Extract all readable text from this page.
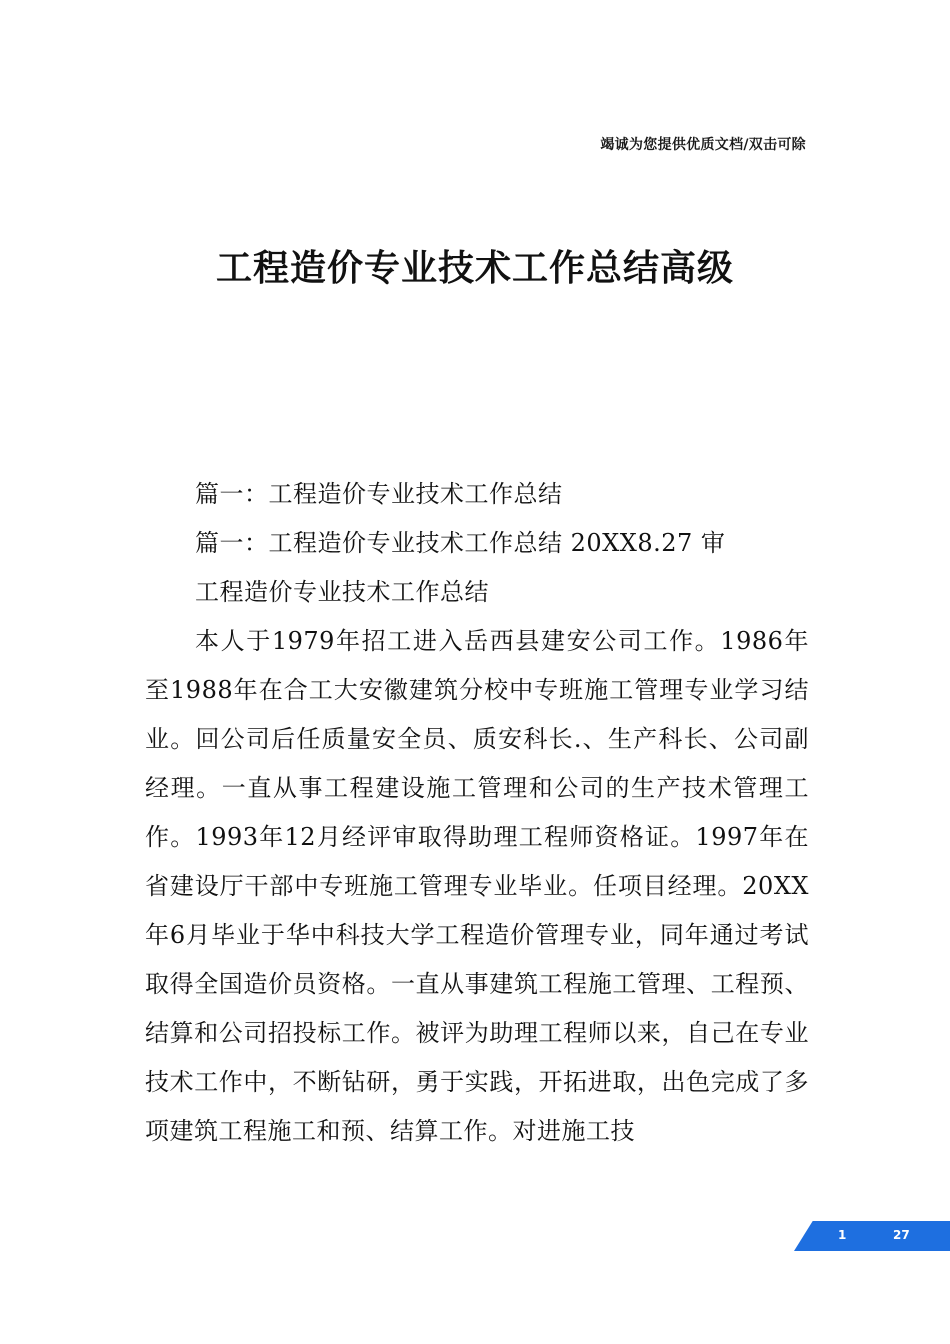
竭诚为您提供优质文档/双击可除
工程造价专业技术工作总结高级
篇一：工程造价专业技术工作总结
篇一：工程造价专业技术工作总结 20XX8.27 审
工程造价专业技术工作总结

本人于1979年招工进入岳西县建安公司工作。1986年至1988年在合工大安徽建筑分校中专班施工管理专业学习结业。回公司后任质量安全员、质安科长.、生产科长、公司副经理。一直从事工程建设施工管理和公司的生产技术管理工作。1993年12月经评审取得助理工程师资格证。1997年在省建设厅干部中专班施工管理专业毕业。任项目经理。20XX年6月毕业于华中科技大学工程造价管理专业，同年通过考试取得全国造价员资格。一直从事建筑工程施工管理、工程预、结算和公司招投标工作。被评为助理工程师以来，自己在专业技术工作中，不断钻研，勇于实践，开拓进取，出色完成了多项建筑工程施工和预、结算工作。对进施工技

1	27
